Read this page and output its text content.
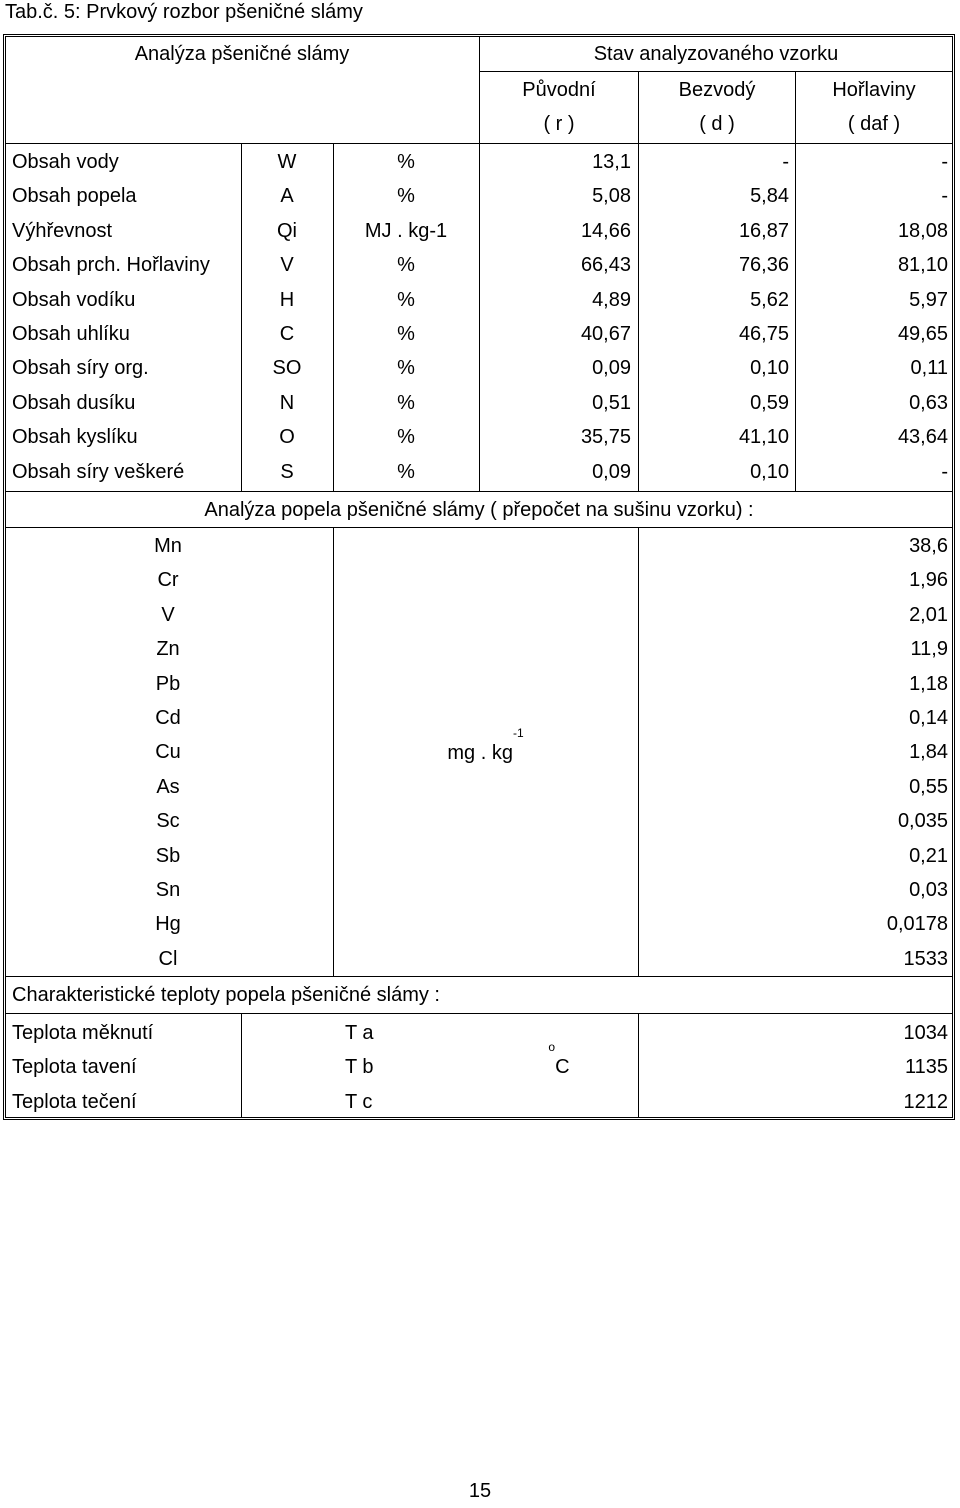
Tab.č. 5: Prvkový rozbor pšeničné slámy
Analýza pšeničné slámy	Stav analyzovaného vzorku
Původní	Bezvodý	Hořlaviny
( r )	( d )	( daf )
Obsah vody	W	%	13,1	-	-
Obsah popela	A	%	5,08	5,84	-
Výhřevnost	Qi	MJ . kg-1	14,66	16,87	18,08
Obsah prch. Hořlaviny	V	%	66,43	76,36	81,10
Obsah vodíku	H	%	4,89	5,62	5,97
Obsah uhlíku	C	%	40,67	46,75	49,65
Obsah síry org.	SO	%	0,09	0,10	0,11
Obsah dusíku	N	%	0,51	0,59	0,63
Obsah kyslíku	O	%	35,75	41,10	43,64
Obsah síry veškeré	S	%	0,09	0,10	-
Analýza popela pšeničné slámy ( přepočet na sušinu vzorku) :
Mn	38,6
Cr	1,96
V	2,01
Zn	11,9
Pb	1,18
Cd	0,14
Cu	1,84
As	0,55
Sc	0,035
Sb	0,21
Sn	0,03
Hg	0,0178
Cl	1533
mg . $kg^{-1}$
Charakteristické teploty popela pšeničné slámy :
Teplota měknutí	T a	1034
Teplota tavení	T b	1135
Teplota tečení	T c	1212
$^o$C
15
